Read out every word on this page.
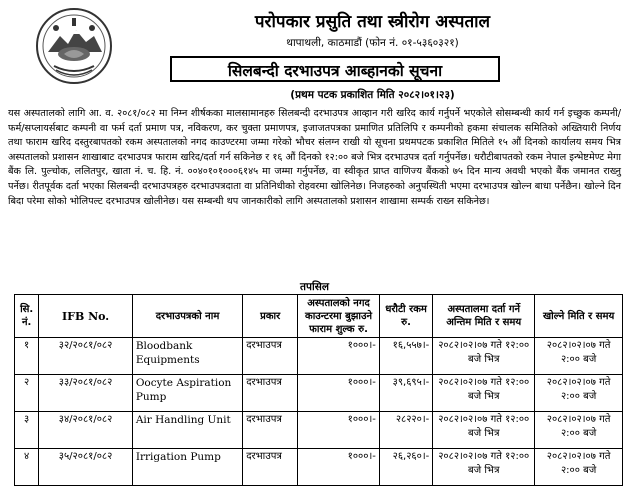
परोपकार प्रसुति तथा स्त्रीरोग अस्पताल
थापाथली, काठमाडौं (फोन नं. ०१-५३६०३२१)
सिलबन्दी दरभाउपत्र आब्हानको सूचना
(प्रथम पटक प्रकाशित मिति २०८२।०१।२३)
यस अस्पतालको लागि आ. व. २०८१/०८२ मा निम्न शीर्षकका मालसामानहरु सिलबन्दी दरभाउपत्र आव्हान गरी खरिद कार्य गर्नुपर्ने भएकोले सोसम्बन्धी कार्य गर्न इच्छुक कम्पनी/फर्म/सप्लायर्सबाट कम्पनी वा फर्म दर्ता प्रमाण पत्र, नविकरण, कर चुक्ता प्रमाणपत्र, इजाजतपत्रका प्रमाणित प्रतिलिपि र कम्पनीको हकमा संचालक समितिको अख्तियारी निर्णय तथा फाराम खरिद दस्तुरबापतको रकम अस्पतालको नगद काउण्टरमा जम्मा गरेको भौचर संलग्न राखी यो सूचना प्रथमपटक प्रकाशित मितिले १५ औं दिनको कार्यालय समय भित्र अस्पतालको प्रशासन शाखाबाट दरभाउपत्र फाराम खरिद/दर्ता गर्न सकिनेछ र १६ औं दिनको १२:०० बजे भित्र दरभाउपत्र दर्ता गर्नुपर्नेछ। धरौटीबापतको रकम नेपाल इन्भेष्टमेण्ट मेगा बैंक लि. पुल्चोक, ललितपुर, खाता नं. च. हि. नं. ००४०१०१०००६१४५ मा जम्मा गर्नुपर्नेछ, वा स्वीकृत प्राप्त वाणिज्य बैंकको ७५ दिन मान्य अवधी भएको बैंक जमानत राख्नु पर्नेछ। रीतपूर्वक दर्ता भएका सिलबन्दी दरभाउपत्रहरु दरभाउपत्रदाता वा प्रतिनिधीको रोहवरमा खोलिनेछ। निजहरुको अनुपस्थिती भएमा दरभाउपत्र खोल्न बाधा पर्नेछैन। खोल्ने दिन बिदा परेमा सोको भोलिपल्ट दरभाउपत्र खोलीनेछ। यस सम्बन्धी थप जानकारीको लागि अस्पतालको प्रशासन शाखामा सम्पर्क राख्न सकिनेछ।
तपसिल
सि. नं.	IFB No.	दरभाउपत्रको नाम	प्रकार	अस्पतालको नगद काउन्टरमा बुझाउने फाराम शुल्क रु.	धरौटी रकम रु.	अस्पतालमा दर्ता गर्ने अन्तिम मिति र समय	खोल्ने मिति र समय
१	३२/२०८१/०८२	Bloodbank Equipments	दरभाउपत्र	१०००।-	१६,५५७।-	२०८२।०२।०७ गते १२:०० बजे भित्र	२०८२।०२।०७ गते २:०० बजे
२	३३/२०८१/०८२	Oocyte Aspiration Pump	दरभाउपत्र	१०००।-	३९,६९५।-	२०८२।०२।०७ गते १२:०० बजे भित्र	२०८२।०२।०७ गते २:०० बजे
३	३४/२०८१/०८२	Air Handling Unit	दरभाउपत्र	१०००।-	२८२२०।-	२०८२।०२।०७ गते १२:०० बजे भित्र	२०८२।०२।०७ गते २:०० बजे
४	३५/२०८१/०८२	Irrigation Pump	दरभाउपत्र	१०००।-	२६,२६०।-	२०८२।०२।०७ गते १२:०० बजे भित्र	२०८२।०२।०७ गते २:०० बजे
